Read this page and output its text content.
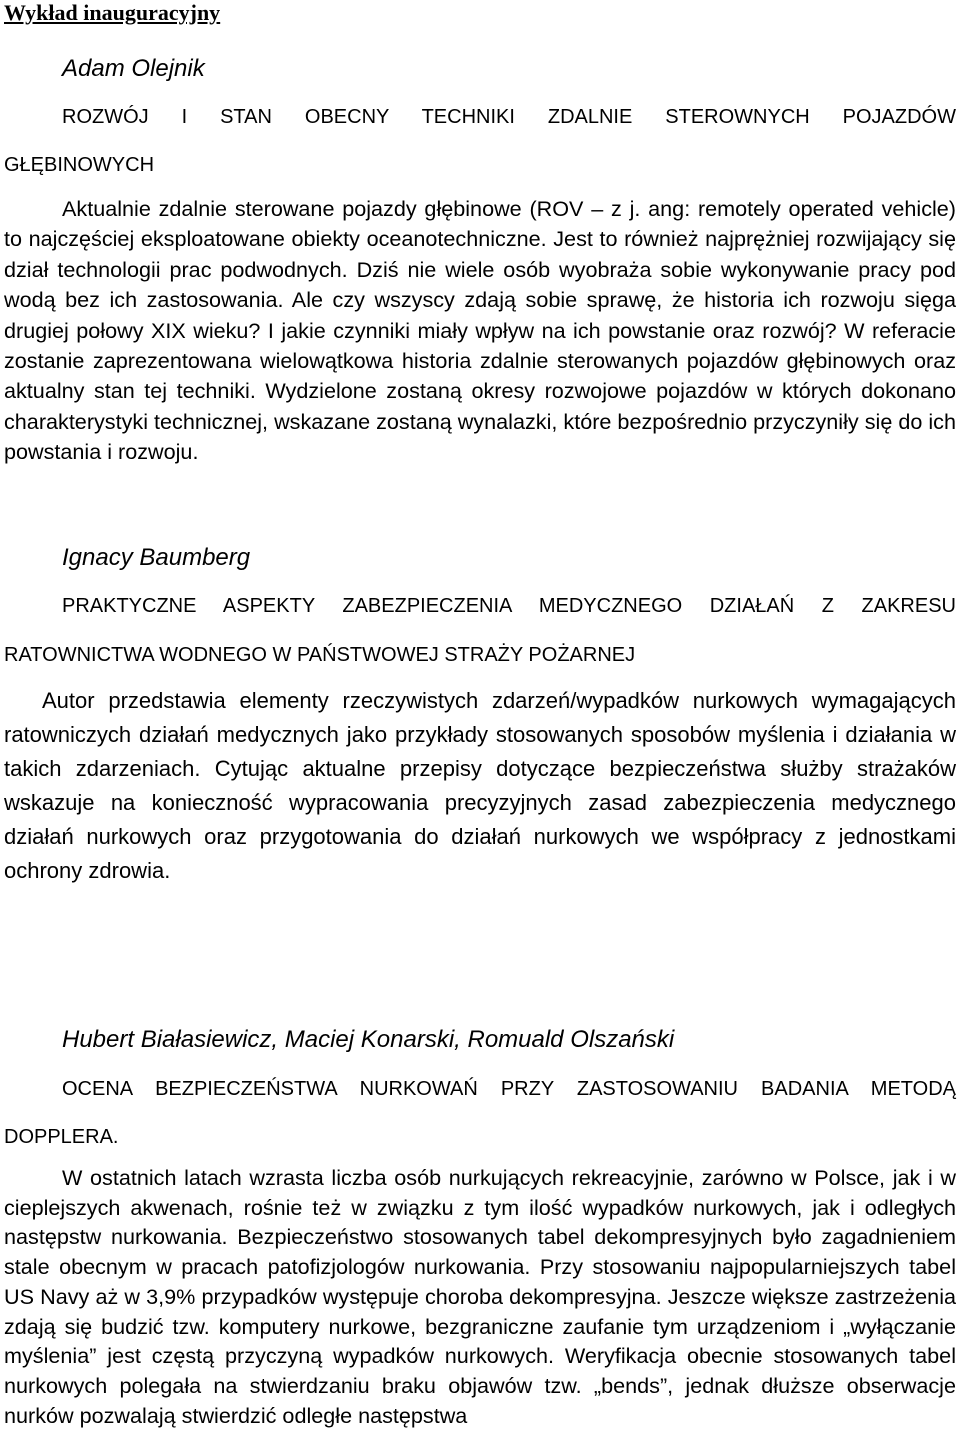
Wykład inauguracyjny
Adam Olejnik
ROZWÓJ I STAN OBECNY TECHNIKI ZDALNIE STEROWNYCH POJAZDÓW
GŁĘBINOWYCH

Aktualnie zdalnie sterowane pojazdy głębinowe (ROV – z j. ang: remotely operated vehicle) to najczęściej eksploatowane obiekty oceanotechniczne. Jest to również najprężniej rozwijający się dział technologii prac podwodnych. Dziś nie wiele osób wyobraża sobie wykonywanie pracy pod wodą bez ich zastosowania. Ale czy wszyscy zdają sobie sprawę, że historia ich rozwoju sięga drugiej połowy XIX wieku? I jakie czynniki miały wpływ na ich powstanie oraz rozwój? W referacie zostanie zaprezentowana wielowątkowa historia zdalnie sterowanych pojazdów głębinowych oraz aktualny stan tej techniki. Wydzielone zostaną okresy rozwojowe pojazdów w których dokonano charakterystyki technicznej, wskazane zostaną wynalazki, które bezpośrednio przyczyniły się do ich powstania i rozwoju.

Ignacy Baumberg
PRAKTYCZNE ASPEKTY ZABEZPIECZENIA MEDYCZNEGO DZIAŁAŃ Z ZAKRESU
RATOWNICTWA WODNEGO W PAŃSTWOWEJ STRAŻY POŻARNEJ

Autor przedstawia elementy rzeczywistych zdarzeń/wypadków nurkowych wymagających ratowniczych działań medycznych jako przykłady stosowanych sposobów myślenia i działania w takich zdarzeniach. Cytując aktualne przepisy dotyczące bezpieczeństwa służby strażaków wskazuje na konieczność wypracowania precyzyjnych zasad zabezpieczenia medycznego działań nurkowych oraz przygotowania do działań nurkowych we współpracy z jednostkami ochrony zdrowia.

Hubert Białasiewicz, Maciej Konarski, Romuald Olszański
OCENA BEZPIECZEŃSTWA NURKOWAŃ PRZY ZASTOSOWANIU BADANIA METODĄ
DOPPLERA.

W ostatnich latach wzrasta liczba osób nurkujących rekreacyjnie, zarówno w Polsce, jak i w cieplejszych akwenach, rośnie też w związku z tym ilość wypadków nurkowych, jak i odległych następstw nurkowania. Bezpieczeństwo stosowanych tabel dekompresyjnych było zagadnieniem stale obecnym w pracach patofizjologów nurkowania. Przy stosowaniu najpopularniejszych tabel US Navy aż w 3,9% przypadków występuje choroba dekompresyjna. Jeszcze większe zastrzeżenia zdają się budzić tzw. komputery nurkowe, bezgraniczne zaufanie tym urządzeniom i „wyłączanie myślenia” jest częstą przyczyną wypadków nurkowych. Weryfikacja obecnie stosowanych tabel nurkowych polegała na stwierdzaniu braku objawów tzw. „bends”, jednak dłuższe obserwacje nurków pozwalają stwierdzić odległe następstwa
